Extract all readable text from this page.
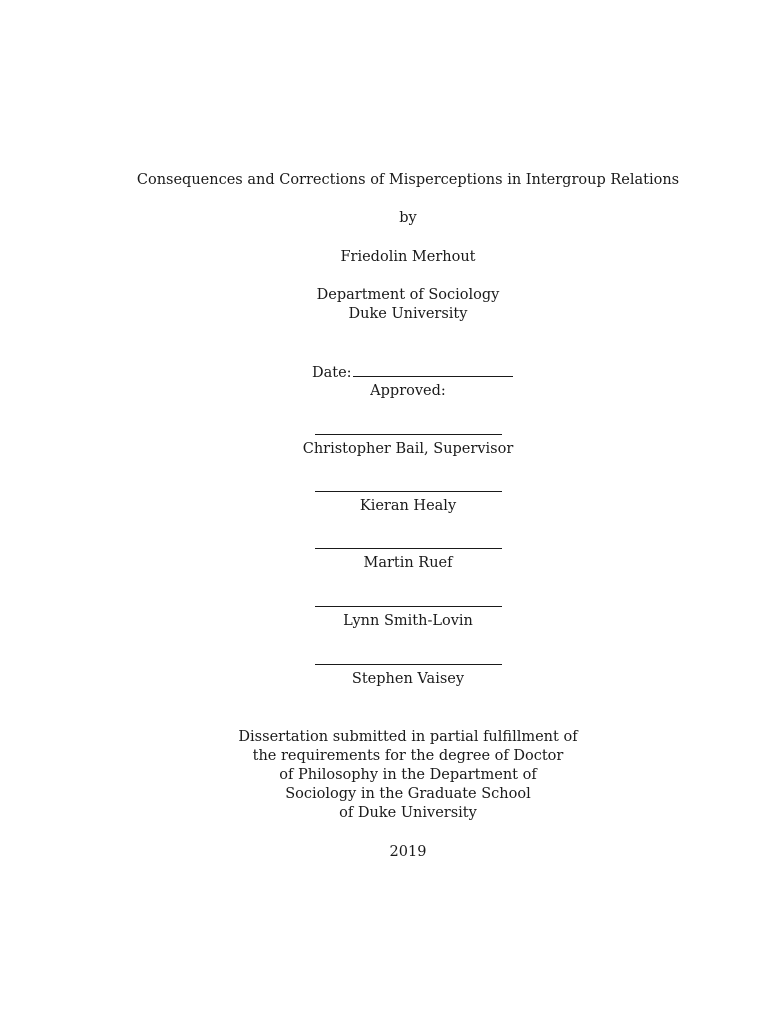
Consequences and Corrections of Misperceptions in Intergroup Relations
by
Friedolin Merhout
Department of Sociology
Duke University
Date:
Approved:
Christopher Bail, Supervisor
Kieran Healy
Martin Ruef
Lynn Smith-Lovin
Stephen Vaisey
Dissertation submitted in partial fulfillment of
the requirements for the degree of Doctor
of Philosophy in the Department of
Sociology in the Graduate School
of Duke University
2019
